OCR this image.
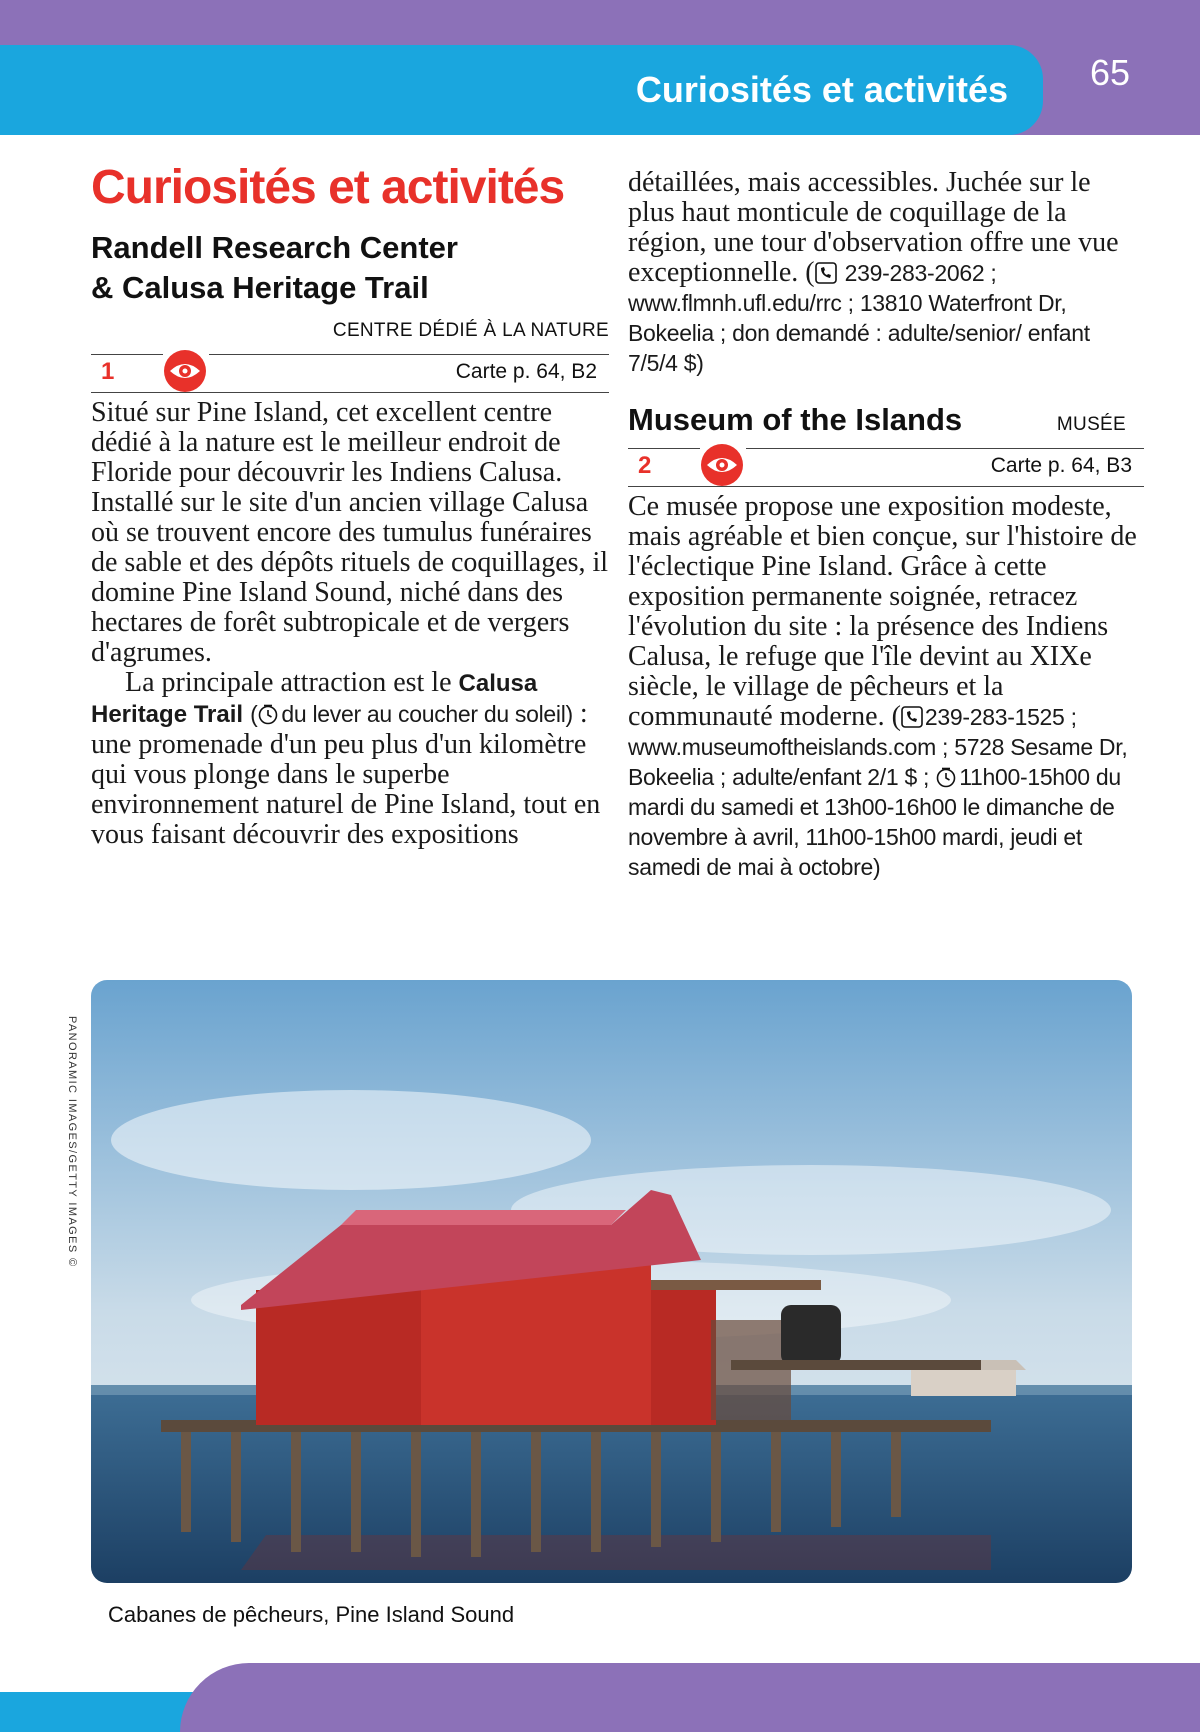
Curiosités et activités 65
Curiosités et activités
Randell Research Center
& Calusa Heritage Trail
CENTRE DÉDIÉ À LA NATURE
1	Carte p. 64, B2

Situé sur Pine Island, cet excellent centre dédié à la nature est le meilleur endroit de Floride pour découvrir les Indiens Calusa. Installé sur le site d'un ancien village Calusa où se trouvent encore des tumulus funéraires de sable et des dépôts rituels de coquillages, il domine Pine Island Sound, niché dans des hectares de forêt subtropicale et de vergers d'agrumes.

La principale attraction est le Calusa Heritage Trail ( du lever au coucher du soleil) : une promenade d'un peu plus d'un kilomètre qui vous plonge dans le superbe environnement naturel de Pine Island, tout en vous faisant découvrir des expositions

détaillées, mais accessibles. Juchée sur le plus haut monticule de coquillage de la région, une tour d'observation offre une vue exceptionnelle. ( 239-283-2062 ; www.flmnh.ufl.edu/rrc ; 13810 Waterfront Dr, Bokeelia ; don demandé : adulte/senior/ enfant 7/5/4 $)

Museum of the Islands	MUSÉE
2	Carte p. 64, B3

Ce musée propose une exposition modeste, mais agréable et bien conçue, sur l'histoire de l'éclectique Pine Island. Grâce à cette exposition permanente soignée, retracez l'évolution du site : la présence des Indiens Calusa, le refuge que l'île devint au XIXe siècle, le village de pêcheurs et la communauté moderne. ( 239-283-1525 ; www.museumoftheislands.com ; 5728 Sesame Dr, Bokeelia ; adulte/enfant 2/1 $ ; 11h00-15h00 du mardi du samedi et 13h00-16h00 le dimanche de novembre à avril, 11h00-15h00 mardi, jeudi et samedi de mai à octobre)

PANORAMIC IMAGES/GETTY IMAGES ©
Cabanes de pêcheurs, Pine Island Sound
